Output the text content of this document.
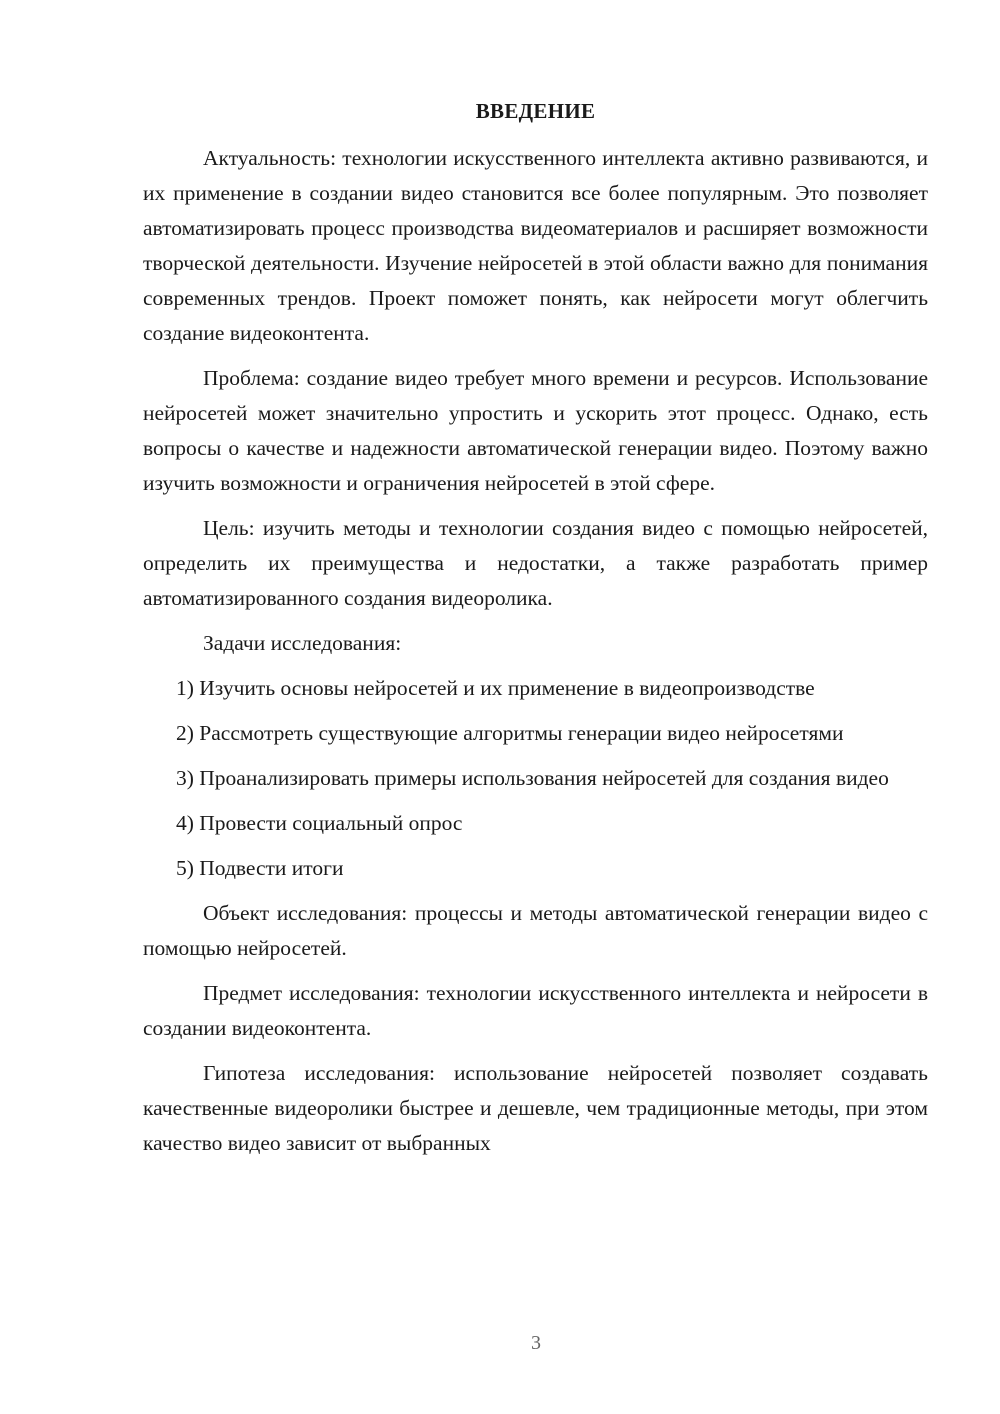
ВВЕДЕНИЕ

Актуальность: технологии искусственного интеллекта активно развиваются, и их применение в создании видео становится все более популярным. Это позволяет автоматизировать процесс производства видеоматериалов и расширяет возможности творческой деятельности. Изучение нейросетей в этой области важно для понимания современных трендов. Проект поможет понять, как нейросети могут облегчить создание видеоконтента.

Проблема: создание видео требует много времени и ресурсов. Использование нейросетей может значительно упростить и ускорить этот процесс. Однако, есть вопросы о качестве и надежности автоматической генерации видео. Поэтому важно изучить возможности и ограничения нейросетей в этой сфере.

Цель: изучить методы и технологии создания видео с помощью нейросетей, определить их преимущества и недостатки, а также разработать пример автоматизированного создания видеоролика.

Задачи исследования:

1) Изучить основы нейросетей и их применение в видеопроизводстве

2) Рассмотреть существующие алгоритмы генерации видео нейросетями

3) Проанализировать примеры использования нейросетей для создания видео

4) Провести социальный опрос

5) Подвести итоги

Объект исследования: процессы и методы автоматической генерации видео с помощью нейросетей.

Предмет исследования: технологии искусственного интеллекта и нейросети в создании видеоконтента.

Гипотеза исследования: использование нейросетей позволяет создавать качественные видеоролики быстрее и дешевле, чем традиционные методы, при этом качество видео зависит от выбранных

3
